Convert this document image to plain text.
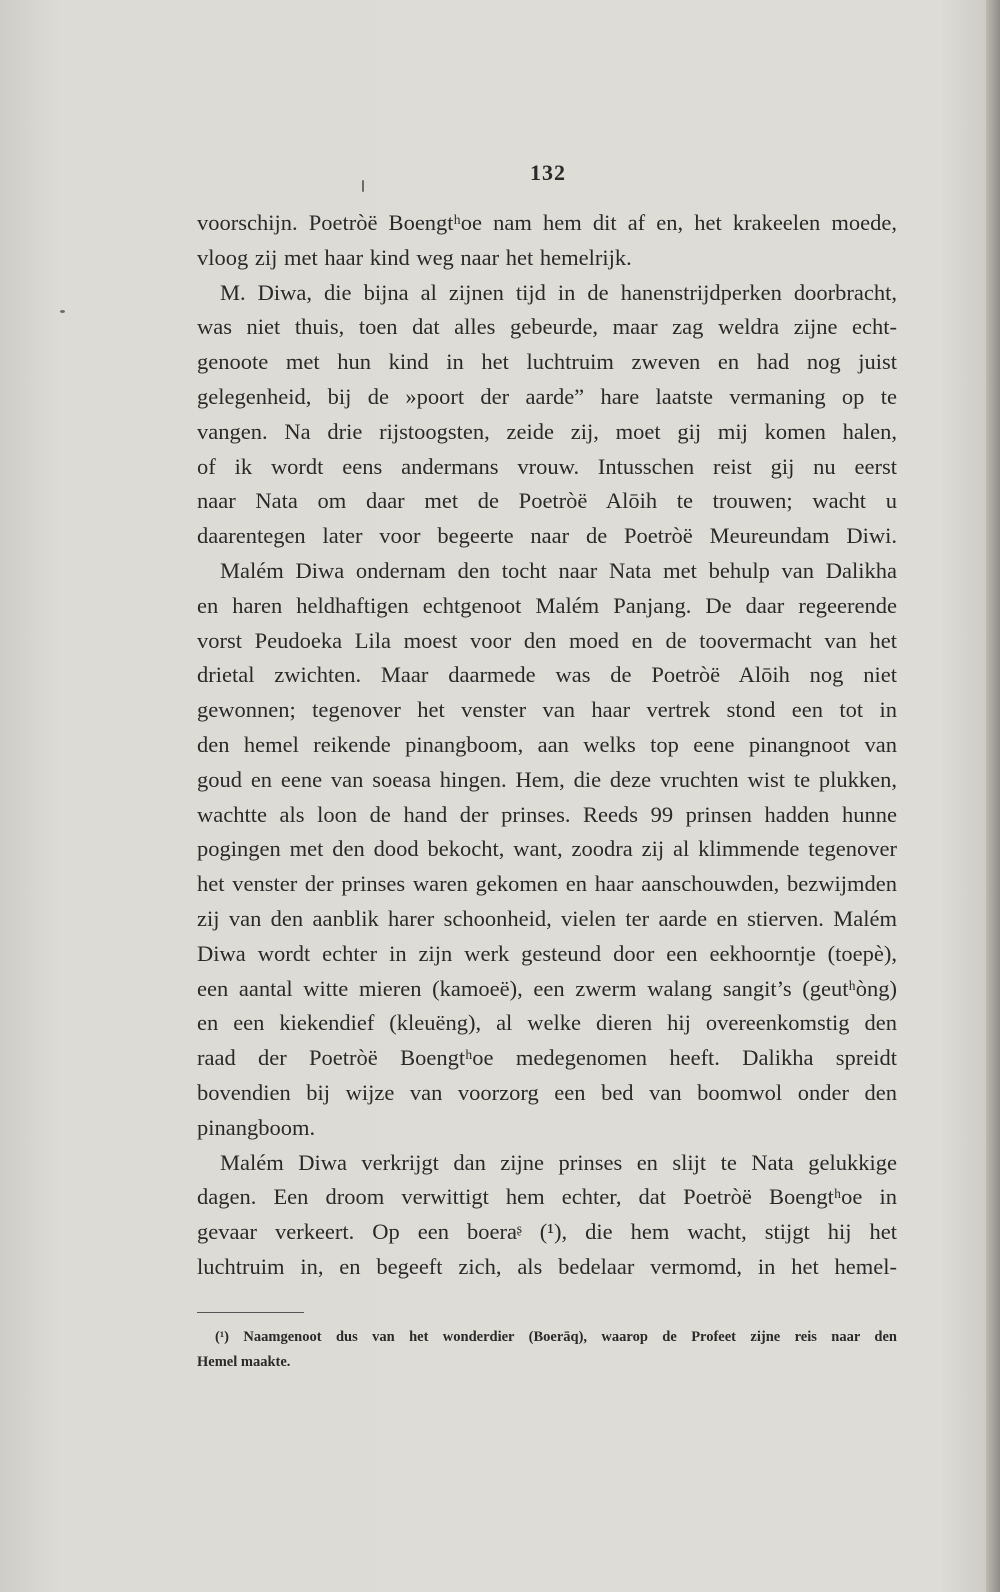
132
voorschijn. Poetròë Boengtʰoe nam hem dit af en, het krakeelen moede,
vloog zij met haar kind weg naar het hemelrijk.
M. Diwa, die bijna al zijnen tijd in de hanenstrijdperken doorbracht,
was niet thuis, toen dat alles gebeurde, maar zag weldra zijne echt-
genoote met hun kind in het luchtruim zweven en had nog juist
gelegenheid, bij de »poort der aarde” hare laatste vermaning op te
vangen. Na drie rijstoogsten, zeide zij, moet gij mij komen halen,
of ik wordt eens andermans vrouw. Intusschen reist gij nu eerst
naar Nata om daar met de Poetròë Alōih te trouwen; wacht u
daarentegen later voor begeerte naar de Poetròë Meureundam Diwi.
Malém Diwa ondernam den tocht naar Nata met behulp van Dalikha
en haren heldhaftigen echtgenoot Malém Panjang. De daar regeerende
vorst Peudoeka Lila moest voor den moed en de toovermacht van het
drietal zwichten. Maar daarmede was de Poetròë Alōih nog niet
gewonnen; tegenover het venster van haar vertrek stond een tot in
den hemel reikende pinangboom, aan welks top eene pinangnoot van
goud en eene van soeasa hingen. Hem, die deze vruchten wist te plukken,
wachtte als loon de hand der prinses. Reeds 99 prinsen hadden hunne
pogingen met den dood bekocht, want, zoodra zij al klimmende tegenover
het venster der prinses waren gekomen en haar aanschouwden, bezwijmden
zij van den aanblik harer schoonheid, vielen ter aarde en stierven. Malém
Diwa wordt echter in zijn werk gesteund door een eekhoorntje (toepè),
een aantal witte mieren (kamoeë), een zwerm walang sangit’s (geutʰòng)
en een kiekendief (kleuëng), al welke dieren hij overeenkomstig den
raad der Poetròë Boengtʰoe medegenomen heeft. Dalikha spreidt
bovendien bij wijze van voorzorg een bed van boomwol onder den
pinangboom.
Malém Diwa verkrijgt dan zijne prinses en slijt te Nata gelukkige
dagen. Een droom verwittigt hem echter, dat Poetròë Boengtʰoe in
gevaar verkeert. Op een boeraᶳ (¹), die hem wacht, stijgt hij het
luchtruim in, en begeeft zich, als bedelaar vermomd, in het hemel-
(¹) Naamgenoot dus van het wonderdier (Boerāq), waarop de Profeet zijne reis naar den
Hemel maakte.
